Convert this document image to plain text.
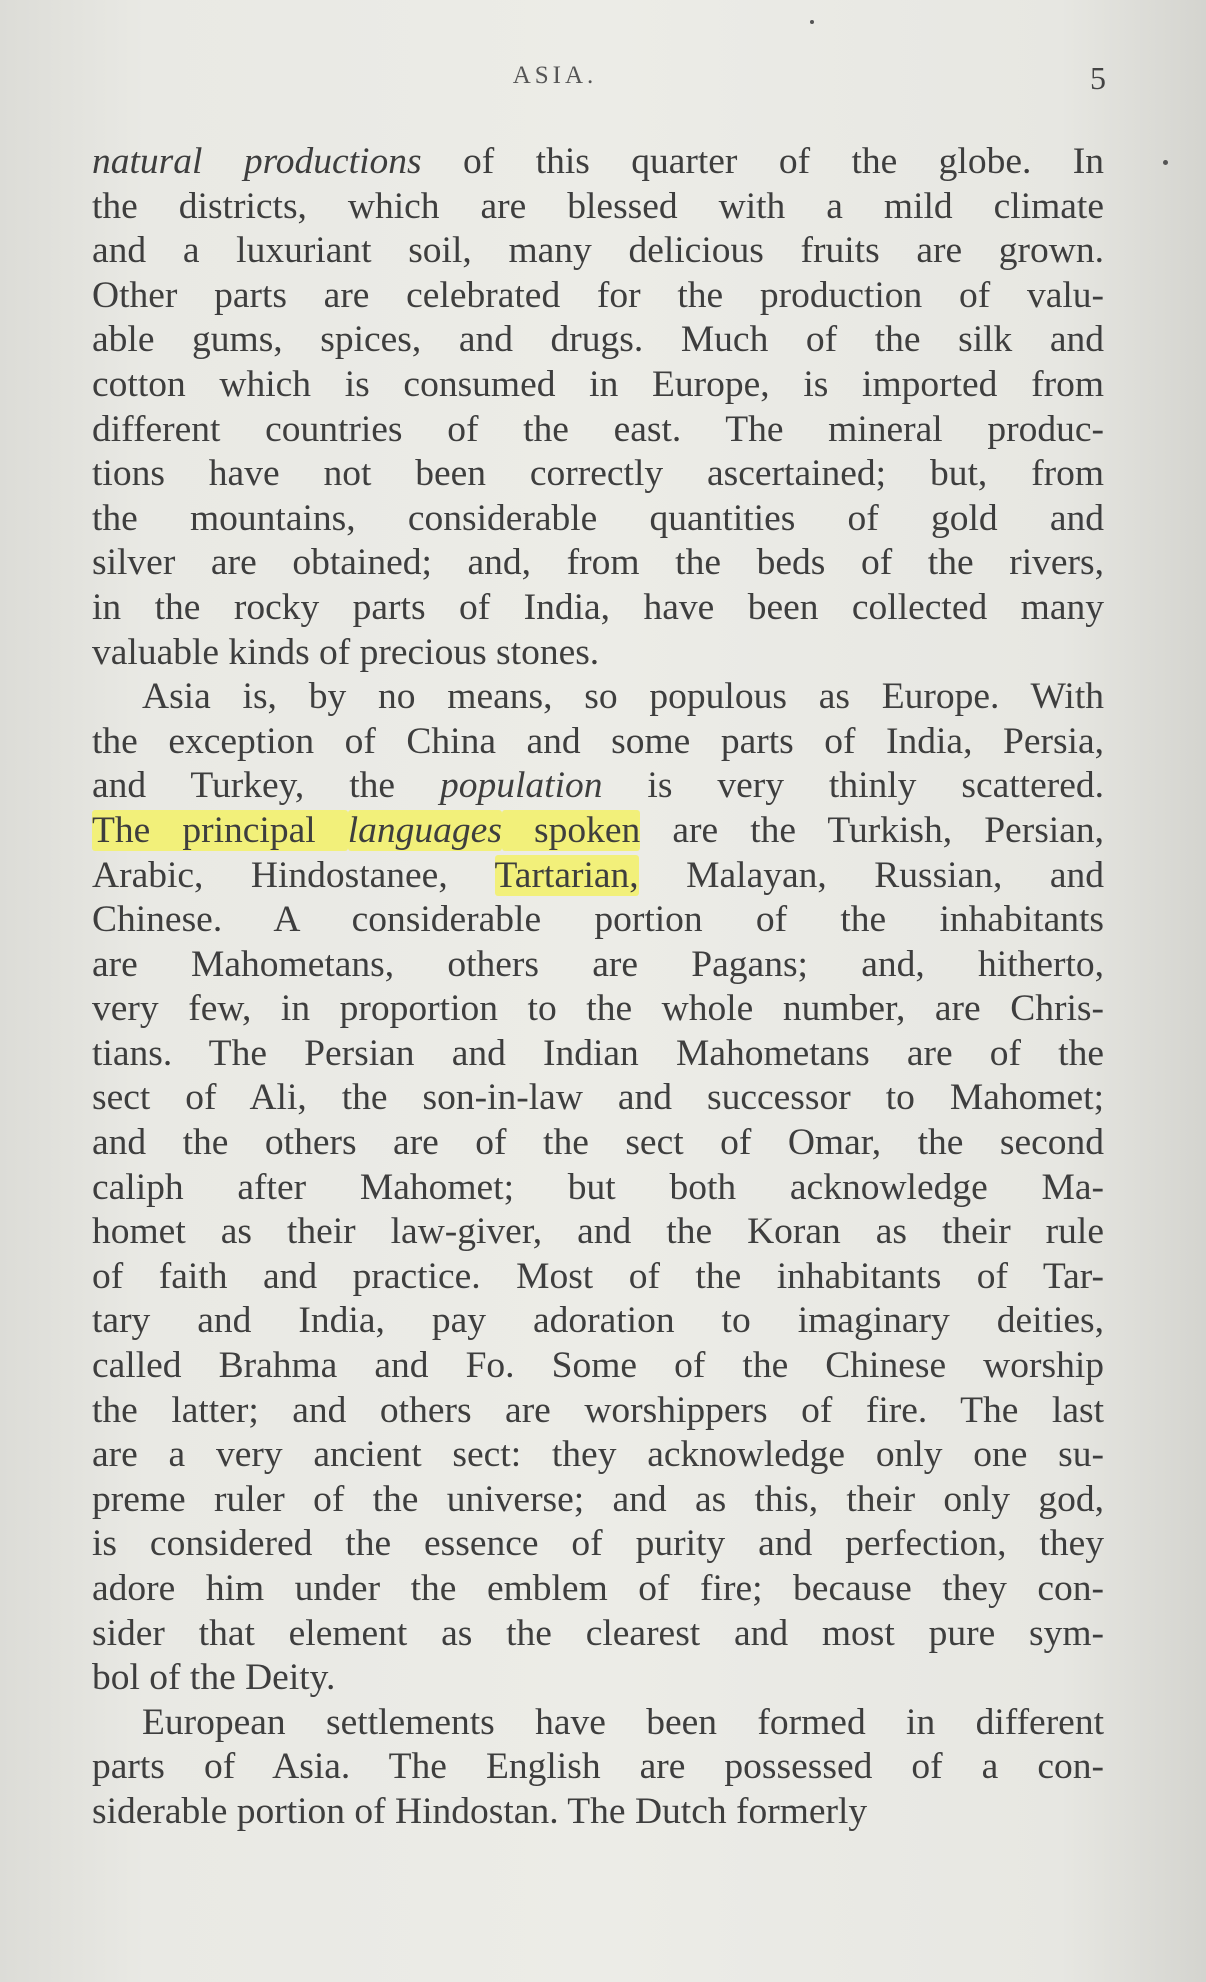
ASIA.	5
natural productions of this quarter of the globe. In
the districts, which are blessed with a mild climate
and a luxuriant soil, many delicious fruits are grown.
Other parts are celebrated for the production of valu-
able gums, spices, and drugs. Much of the silk and
cotton which is consumed in Europe, is imported from
different countries of the east. The mineral produc-
tions have not been correctly ascertained; but, from
the mountains, considerable quantities of gold and
silver are obtained; and, from the beds of the rivers,
in the rocky parts of India, have been collected many
valuable kinds of precious stones.
Asia is, by no means, so populous as Europe. With
the exception of China and some parts of India, Persia,
and Turkey, the population is very thinly scattered.
The principal languages spoken are the Turkish, Persian,
Arabic, Hindostanee, Tartarian, Malayan, Russian, and
Chinese. A considerable portion of the inhabitants
are Mahometans, others are Pagans; and, hitherto,
very few, in proportion to the whole number, are Chris-
tians. The Persian and Indian Mahometans are of the
sect of Ali, the son-in-law and successor to Mahomet;
and the others are of the sect of Omar, the second
caliph after Mahomet; but both acknowledge Ma-
homet as their law-giver, and the Koran as their rule
of faith and practice. Most of the inhabitants of Tar-
tary and India, pay adoration to imaginary deities,
called Brahma and Fo. Some of the Chinese worship
the latter; and others are worshippers of fire. The last
are a very ancient sect: they acknowledge only one su-
preme ruler of the universe; and as this, their only god,
is considered the essence of purity and perfection, they
adore him under the emblem of fire; because they con-
sider that element as the clearest and most pure sym-
bol of the Deity.
European settlements have been formed in different
parts of Asia. The English are possessed of a con-
siderable portion of Hindostan. The Dutch formerly
